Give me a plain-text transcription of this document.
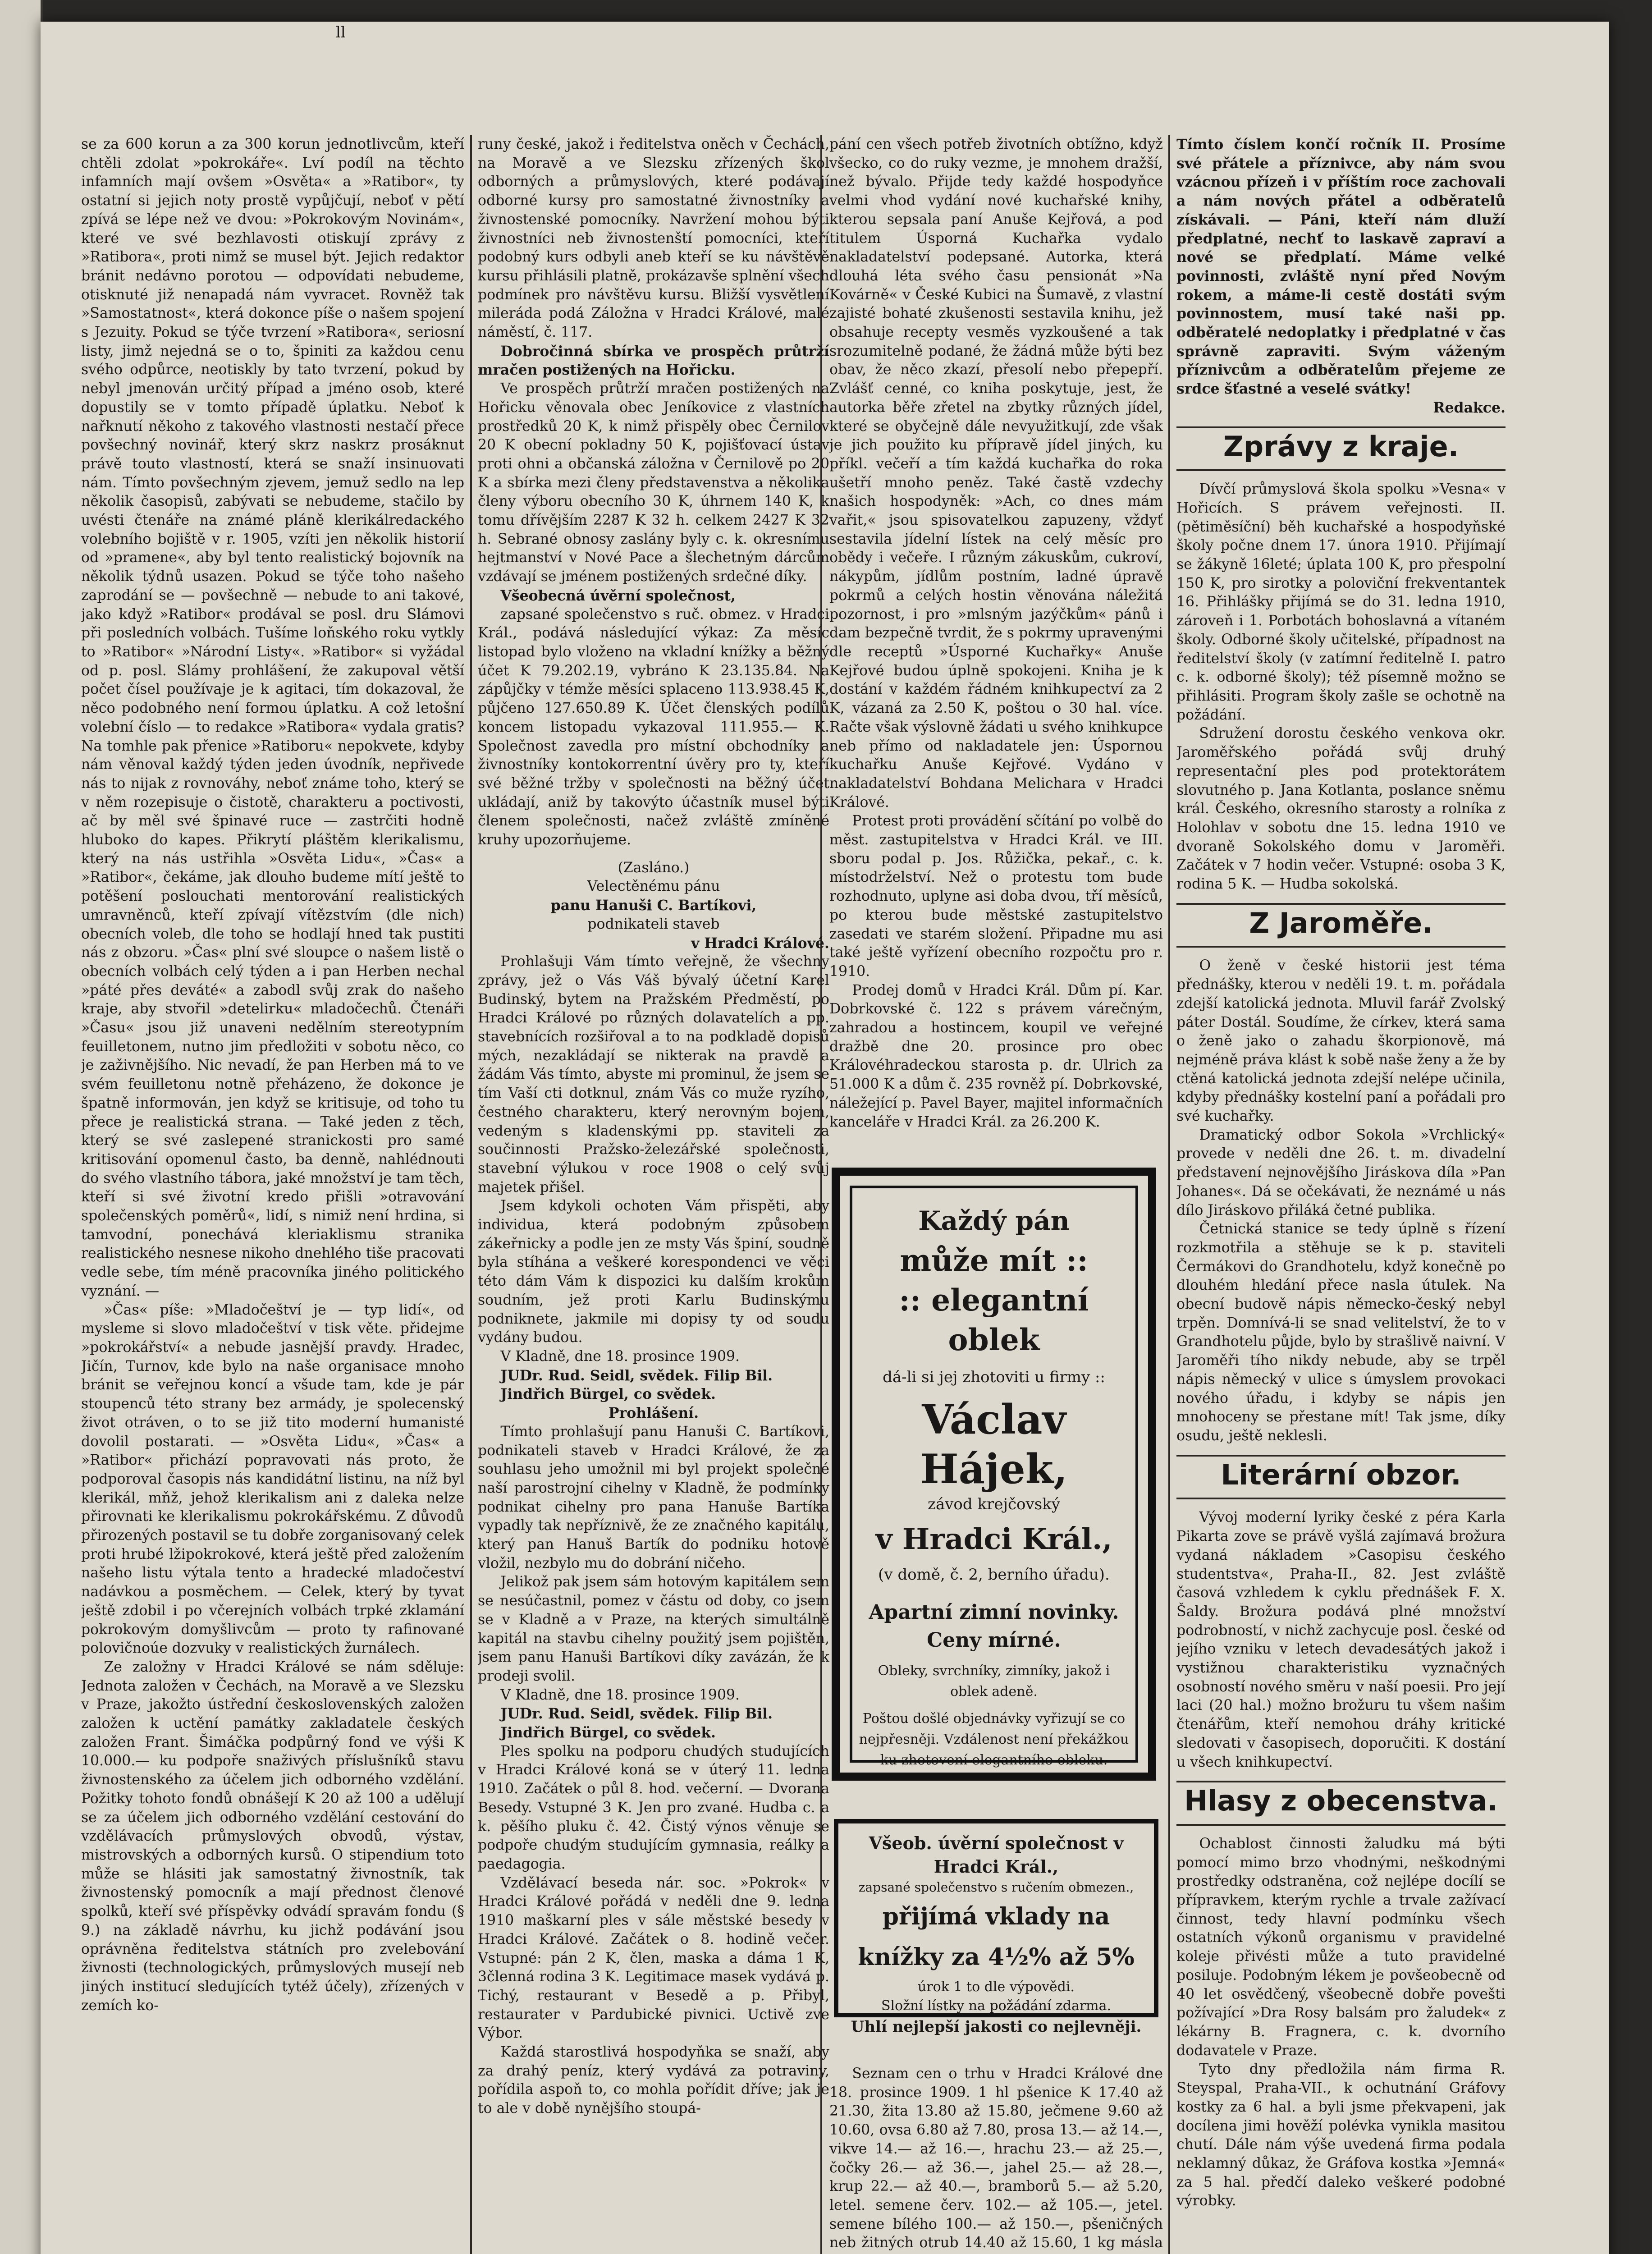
ll

se za 600 korun a za 300 korun jednotlivcům, kteří chtěli zdolat »pokrokáře«. Lví podíl na těchto infamních mají ovšem »Osvěta« a »Ratibor«, ty ostatní si jejich noty prostě vypůjčují, neboť v pětí zpívá se lépe než ve dvou: »Pokrokovým Novinám«, které ve své bezhlavosti otiskují zprávy z »Ratibora«, proti nimž se musel být. Jejich redaktor bránit nedávno porotou — odpovídati nebudeme, otisknuté již nenapadá nám vyvracet. Rovněž tak »Samostatnost«, která dokonce píše o našem spojení s Jezuity. Pokud se týče tvrzení »Ratibora«, seriosní listy, jimž nejedná se o to, špiniti za každou cenu svého odpůrce, neotiskly by tato tvrzení, pokud by nebyl jmenován určitý případ a jméno osob, které dopustily se v tomto případě úplatku. Neboť k nařknutí někoho z takového vlastnosti nestačí přece povšechný novinář, který skrz naskrz prosáknut právě touto vlastností, která se snaží insinuovati nám. Tímto povšechným zjevem, jemuž sedlo na lep několik časopisů, zabývati se nebudeme, stačilo by uvésti čtenáře na známé pláně klerikálredackého volebního bojiště v r. 1905, vzíti jen několik historií od »pramene«, aby byl tento realistický bojovník na několik týdnů usazen. Pokud se týče toho našeho zaprodání se — povšechně — nebude to ani takové, jako když »Ratibor« prodával se posl. dru Slámovi při posledních volbách. Tušíme loňského roku vytkly to »Ratibor« »Národní Listy«. »Ratibor« si vyžádal od p. posl. Slámy prohlášení, že zakupoval větší počet čísel používaje je k agitaci, tím dokazoval, že něco podobného není formou úplatku. A což letošní volební číslo — to redakce »Ratibora« vydala gratis? Na tomhle pak přenice »Ratiboru« nepokvete, kdyby nám věnoval každý týden jeden úvodník, nepřivede nás to nijak z rovnováhy, neboť známe toho, který se v něm rozepisuje o čistotě, charakteru a poctivosti, ač by měl své špinavé ruce — zastrčiti hodně hluboko do kapes. Přikrytí pláštěm klerikalismu, který na nás ustřihla »Osvěta Lidu«, »Čas« a »Ratibor«, čekáme, jak dlouho budeme mítí ještě to potěšení poslouchati mentorování realistických umravněnců, kteří zpívají vítězstvím (dle nich) obecních voleb, dle toho se hodlají hned tak pustiti nás z obzoru. »Čas« plní své sloupce o našem listě o obecních volbách celý týden a i pan Herben nechal »páté přes deváté« a zabodl svůj zrak do našeho kraje, aby stvořil »detelirku« mladočechů. Čtenáři »Času« jsou již unaveni nedělním stereotypním feuilletonem, nutno jim předložiti v sobotu něco, co je zaživnějšího. Nic nevadí, že pan Herben má to ve svém feuilletonu notně přeházeno, že dokonce je špatně informován, jen když se kritisuje, od toho tu přece je realistická strana. — Také jeden z těch, který se své zaslepené stranickosti pro samé kritisování opomenul často, ba denně, nahlédnouti do svého vlastního tábora, jaké množství je tam těch, kteří si své životní kredo přišli »otravování společenských poměrů«, lidí, s nimiž není hrdina, si tamvodní, ponechává kleriaklismu stranika realistického nesnese nikoho dnehlého tiše pracovati vedle sebe, tím méně pracovníka jiného politického vyznání. —

»Čas« píše: »Mladočeštví je — typ lidí«, od mysleme si slovo mladočeštví v tisk věte. přidejme »pokrokářství« a nebude jasnější pravdy. Hradec, Jičín, Turnov, kde bylo na naše organisace mnoho bránit se veřejnou koncí a všude tam, kde je pár stoupenců této strany bez armády, je spolecenský život otráven, o to se již tito moderní humanisté dovolil postarati. — »Osvěta Lidu«, »Čas« a »Ratibor« přichází popravovati nás proto, že podporoval časopis nás kandidátní listinu, na níž byl klerikál, mňž, jehož klerikalism ani z daleka nelze přirovnati ke klerikalismu pokrokářskému. Z důvodů přirozených postavil se tu dobře zorganisovaný celek proti hrubé lžipokrokové, která ještě před založením našeho listu výtala tento a hradecké mladočeství nadávkou a posměchem. — Celek, který by tyvat ještě zdobil i po včerejních volbách trpké zklamání pokrokovým domyšlivcům — proto ty rafinované polovičnoúe dozvuky v realistických žurnálech.

Ze založny v Hradci Králové se nám sděluje: Jednota založen v Čechách, na Moravě a ve Slezsku v Praze, jakožto ústřední československých založen založen k uctění památky zakladatele českých založen Frant. Šimáčka podpůrný fond ve výši K 10.000.— ku podpoře snaživých příslušníků stavu živnostenského za účelem jich odborného vzdělání. Požitky tohoto fondů obnášejí K 20 až 100 a udělují se za účelem jich odborného vzdělání cestování do vzdělávacích průmyslových obvodů, výstav, mistrovských a odborných kursů. O stipendium toto může se hlásiti jak samostatný živnostník, tak živnostenský pomocník a mají přednost členové spolků, kteří své příspěvky odvádí spravám fondu (§ 9.) na základě návrhu, ku jichž podávání jsou oprávněna ředitelstva státních pro zvelebování živnosti (technologických, průmyslových musejí neb jiných institucí sledujících tytéž účely), zřízených v zemích ko-

runy české, jakož i ředitelstva oněch v Čechách, na Moravě a ve Slezsku zřízených škol odborných a průmyslových, které podávají odborné kursy pro samostatné živnostníky a živnostenské pomocníky. Navržení mohou býti živnostníci neb živnostenští pomocníci, kteří podobný kurs odbyli aneb kteří se ku návštěvě kursu přihlásili platně, prokázavše splnění všech podmínek pro návštěvu kursu. Bližší vysvětlení mileráda podá Záložna v Hradci Králové, malé náměstí, č. 117.

Dobročinná sbírka ve prospěch průtrží mračen postižených na Hořicku.

Ve prospěch průtrží mračen postižených na Hořicku věnovala obec Jeníkovice z vlastních prostředků 20 K, k nimž přispěly obec Černilov 20 K obecní pokladny 50 K, pojišťovací ústav proti ohni a občanská záložna v Černilově po 20 K a sbírka mezi členy představenstva a několika členy výboru obecního 30 K, úhrnem 140 K, k tomu dřívějším 2287 K 32 h. celkem 2427 K 32 h. Sebrané obnosy zaslány byly c. k. okresnímu hejtmanství v Nové Pace a šlechetným dárcům vzdávají se jménem postižených srdečné díky.

Všeobecná úvěrní společnost,

zapsané společenstvo s ruč. obmez. v Hradci Král., podává následující výkaz: Za měsíc listopad bylo vloženo na vkladní knížky a běžný účet K 79.202.19, vybráno K 23.135.84. Na zápůjčky v témže měsíci splaceno 113.938.45 K, půjčeno 127.650.89 K. Účet členských podílů koncem listopadu vykazoval 111.955.— K. Společnost zavedla pro místní obchodníky a živnostníky kontokorrentní úvěry pro ty, kteří své běžné tržby v společnosti na běžný účet ukládají, aniž by takovýto účastník musel býti členem společnosti, načež zvláště zmíněné kruhy upozorňujeme.

(Zasláno.)

Velectěnému pánu

panu Hanuši C. Bartíkovi,

podnikateli staveb

v Hradci Králové.

Prohlašuji Vám tímto veřejně, že všechny zprávy, jež o Vás Váš bývalý účetní Karel Budinský, bytem na Pražském Předměstí, po Hradci Králové po různých dolavatelích a pp. stavebnících rozšiřoval a to na podkladě dopisů mých, nezakládají se nikterak na pravdě a žádám Vás tímto, abyste mi prominul, že jsem se tím Vaší cti dotknul, znám Vás co muže ryzího, čestného charakteru, který nerovným bojem, vedeným s kladenskými pp. staviteli za součinnosti Pražsko-železářské společnosti, stavební výlukou v roce 1908 o celý svůj majetek přišel.

Jsem kdykoli ochoten Vám přispěti, aby individua, která podobným způsobem zákeřnicky a podle jen ze msty Vás špiní, soudně byla stíhána a veškeré korespondenci ve věci této dám Vám k dispozici ku dalším krokům soudním, jež proti Karlu Budinskýmu podniknete, jakmile mi dopisy ty od soudu vydány budou.

V Kladně, dne 18. prosince 1909.

JUDr. Rud. Seidl, svědek. Filip Bil.

Jindřich Bürgel, co svědek.

Prohlášení.

Tímto prohlašují panu Hanuši C. Bartíkovi, podnikateli staveb v Hradci Králové, že za souhlasu jeho umožnil mi byl projekt společné naší parostrojní cihelny v Kladně, že podmínky podnikat cihelny pro pana Hanuše Bartíka vypadly tak nepříznivě, že ze značného kapitálu, který pan Hanuš Bartík do podniku hotově vložil, nezbylo mu do dobrání ničeho.

Jelikož pak jsem sám hotovým kapitálem sem se nesúčastnil, pomez v částu od doby, co jsem se v Kladně a v Praze, na kterých simultálně kapitál na stavbu cihelny použitý jsem pojištěn, jsem panu Hanuši Bartíkovi díky zavázán, že k prodeji svolil.

V Kladně, dne 18. prosince 1909.

JUDr. Rud. Seidl, svědek. Filip Bil.

Jindřich Bürgel, co svědek.

Ples spolku na podporu chudých studujících v Hradci Králové koná se v úterý 11. ledna 1910. Začátek o půl 8. hod. večerní. — Dvorana Besedy. Vstupné 3 K. Jen pro zvané. Hudba c. a k. pěšího pluku č. 42. Čistý výnos věnuje se podpoře chudým studujícím gymnasia, reálky a paedagogia.

Vzdělávací beseda nár. soc. »Pokrok« v Hradci Králové pořádá v neděli dne 9. ledna 1910 maškarní ples v sále městské besedy v Hradci Králové. Začátek o 8. hodině večer. Vstupné: pán 2 K, člen, maska a dáma 1 K, 3členná rodina 3 K. Legitimace masek vydává p. Tichý, restaurant v Besedě a p. Přibyl, restaurater v Pardubické pivnici. Uctivě zve Výbor.

Každá starostlivá hospodyňka se snaží, aby za drahý peníz, který vydává za potraviny, pořídila aspoň to, co mohla pořídit dříve; jak je to ale v době nynějšího stoupá-

pání cen všech potřeb životních obtížno, když všecko, co do ruky vezme, je mnohem dražší, než bývalo. Přijde tedy každé hospodyňce velmi vhod vydání nové kuchařské knihy, kterou sepsala paní Anuše Kejřová, a pod titulem Úsporná Kuchařka vydalo nakladatelství podepsané. Autorka, která dlouhá léta svého času pensionát »Na Kovárně« v České Kubici na Šumavě, z vlastní zajisté bohaté zkušenosti sestavila knihu, jež obsahuje recepty vesměs vyzkoušené a tak srozumitelně podané, že žádná může býti bez obav, že něco zkazí, přesolí nebo přepepří. Zvlášť cenné, co kniha poskytuje, jest, že autorka běře zřetel na zbytky různých jídel, které se obyčejně dále nevyužitkují, zde však je jich použito ku přípravě jídel jiných, ku příkl. večeří a tím každá kuchařka do roka ušetří mnoho peněz. Také častě vzdechy našich hospodyněk: »Ach, co dnes mám vařit,« jsou spisovatelkou zapuzeny, vždyť sestavila jídelní lístek na celý měsíc pro obědy i večeře. I různým zákuskům, cukroví, nákypům, jídlům postním, ladné úpravě pokrmů a celých hostin věnována náležitá pozornost, i pro »mlsným jazýčkům« pánů i dam bezpečně tvrdit, že s pokrmy upravenými dle receptů »Úsporné Kuchařky« Anuše Kejřové budou úplně spokojeni. Kniha je k dostání v každém řádném knihkupectví za 2 K, vázaná za 2.50 K, poštou o 30 hal. více. Račte však výslovně žádati u svého knihkupce neb přímo od nakladatele jen: Úspornou kuchařku Anuše Kejřové. Vydáno v nakladatelství Bohdana Melichara v Hradci Králové.

Protest proti provádění sčítání po volbě do měst. zastupitelstva v Hradci Král. ve III. sboru podal p. Jos. Růžička, pekař., c. k. místodrželství. Než o protestu tom bude rozhodnuto, uplyne asi doba dvou, tří měsíců, po kterou bude městské zastupitelstvo zasedati ve starém složení. Připadne mu asi také ještě vyřízení obecního rozpočtu pro r. 1910.

Prodej domů v Hradci Král. Dům pí. Kar. Dobrkovské č. 122 s právem várečným, zahradou a hostincem, koupil ve veřejné dražbě dne 20. prosince pro obec Královéhradeckou starosta p. dr. Ulrich za 51.000 K a dům č. 235 rovněž pí. Dobrkovské, náležející p. Pavel Bayer, majitel informačních kanceláře v Hradci Král. za 26.200 K.

Každý pán

může mít ::

:: elegantní

oblek

dá-li si jej zhotoviti u firmy ::

Václav Hájek,

závod krejčovský

v Hradci Král.,

(v domě, č. 2, berního úřadu).

Apartní zimní novinky.

Ceny mírné.

Obleky, svrchníky, zimníky, jakož i oblek adeně.

Poštou došlé objednávky vyřizují se co nejpřesněji. Vzdálenost není překážkou ku zhotovení elegantního obleku.

Všeob. úvěrní společnost v Hradci Král.,

zapsané společenstvo s ručením obmezen.,

přijímá vklady na knížky za 4½% až 5%

úrok 1 to dle výpovědi.

Složní lístky na požádání zdarma.

Uhlí nejlepší jakosti co nejlevněji.

Seznam cen o trhu v Hradci Králové dne 18. prosince 1909. 1 hl pšenice K 17.40 až 21.30, žita 13.80 až 15.80, ječmene 9.60 až 10.60, ovsa 6.80 až 7.80, prosa 13.— až 14.—, vikve 14.— až 16.—, hrachu 23.— až 25.—, čočky 26.— až 36.—, jahel 25.— až 28.—, krup 22.— až 40.—, bramborů 5.— až 5.20, letel. semene červ. 102.— až 105.—, jetel. semene bílého 100.— až 150.—, pšeničných neb žitných otrub 14.40 až 15.60, 1 kg másla

Tímto číslem končí ročník II. Prosíme své přátele a příznivce, aby nám svou vzácnou přízeň i v příštím roce zachovali a nám nových přátel a odběratelů získávali. — Páni, kteří nám dluží předplatné, nechť to laskavě zapraví a nové se předplatí. Máme velké povinnosti, zvláště nyní před Novým rokem, a máme-li cestě dostáti svým povinnostem, musí také naši pp. odběratelé nedoplatky i předplatné v čas správně zapraviti. Svým váženým příznivcům a odběratelům přejeme ze srdce šťastné a veselé svátky!

Redakce.

Zprávy z kraje.

Dívčí průmyslová škola spolku »Vesna« v Hořicích. S právem veřejnosti. II. (pětiměsíční) běh kuchařské a hospodyňské školy počne dnem 17. února 1910. Přijímají se žákyně 16leté; úplata 100 K, pro přespolní 150 K, pro sirotky a poloviční frekventantek 16. Přihlášky přijímá se do 31. ledna 1910, zároveň i 1. Porbotách bohoslavná a vítaném školy. Odborné školy učitelské, případnost na ředitelství školy (v zatímní ředitelně I. patro c. k. odborné školy); též písemně možno se přihlásiti. Program školy zašle se ochotně na požádání.

Sdružení dorostu českého venkova okr. Jaroměřského pořádá svůj druhý representační ples pod protektorátem slovutného p. Jana Kotlanta, poslance sněmu král. Českého, okresního starosty a rolníka z Holohlav v sobotu dne 15. ledna 1910 ve dvoraně Sokolského domu v Jaroměři. Začátek v 7 hodin večer. Vstupné: osoba 3 K, rodina 5 K. — Hudba sokolská.

Z Jaroměře.

O ženě v české historii jest téma přednášky, kterou v neděli 19. t. m. pořádala zdejší katolická jednota. Mluvil farář Zvolský páter Dostál. Soudíme, že církev, která sama o ženě jako o zahadu škorpionově, má nejméně práva klást k sobě naše ženy a že by ctěná katolická jednota zdejší nelépe učinila, kdyby přednášky kostelní paní a pořádali pro své kuchařky.

Dramatický odbor Sokola »Vrchlický« provede v neděli dne 26. t. m. divadelní představení nejnovějšího Jiráskova díla »Pan Johanes«. Dá se očekávati, že neznámé u nás dílo Jiráskovo přiláká četné publika.

Četnická stanice se tedy úplně s řízení rozkmotřila a stěhuje se k p. staviteli Čermákovi do Grandhotelu, když konečně po dlouhém hledání přece nasla útulek. Na obecní budově nápis německo-český nebyl trpěn. Domnívá-li se snad velitelství, že to v Grandhotelu půjde, bylo by strašlivě naivní. V Jaroměři tího nikdy nebude, aby se trpěl nápis německý v ulice s úmyslem provokaci nového úřadu, i kdyby se nápis jen mnohoceny se přestane mít! Tak jsme, díky osudu, ještě neklesli.

Literární obzor.

Vývoj moderní lyriky české z péra Karla Pikarta zove se právě vyšlá zajímavá brožura vydaná nákladem »Casopisu českého studentstva«, Praha-II., 82. Jest zvláště časová vzhledem k cyklu přednášek F. X. Šaldy. Brožura podává plné množství podrobností, v nichž zachycuje posl. české od jejího vzniku v letech devadesátých jakož i vystižnou charakteristiku vyznačných osobností nového směru v naší poesii. Pro její laci (20 hal.) možno brožuru tu všem našim čtenářům, kteří nemohou dráhy kritické sledovati v časopisech, doporučiti. K dostání u všech knihkupectví.

Hlasy z obecenstva.

Ochablost činnosti žaludku má býti pomocí mimo brzo vhodnými, neškodnými prostředky odstraněna, což nejlépe docílí se přípravkem, kterým rychle a trvale zažívací činnost, tedy hlavní podmínku všech ostatních výkonů organismu v pravidelné koleje přivésti může a tuto pravidelné posiluje. Podobným lékem je povšeobecně od 40 let osvědčený, všeobecně dobře povešti požívající »Dra Rosy balsám pro žaludek« z lékárny B. Fragnera, c. k. dvorního dodavatele v Praze.

Tyto dny předložila nám firma R. Steyspal, Praha-VII., k ochutnání Gráfovy kostky za 6 hal. a byli jsme překvapeni, jak docílena jimi hověží polévka vynikla masitou chutí. Dále nám výše uvedená firma podala neklamný důkaz, že Gráfova kostka »Jemná« za 5 hal. předčí daleko veškeré podobné výrobky.
